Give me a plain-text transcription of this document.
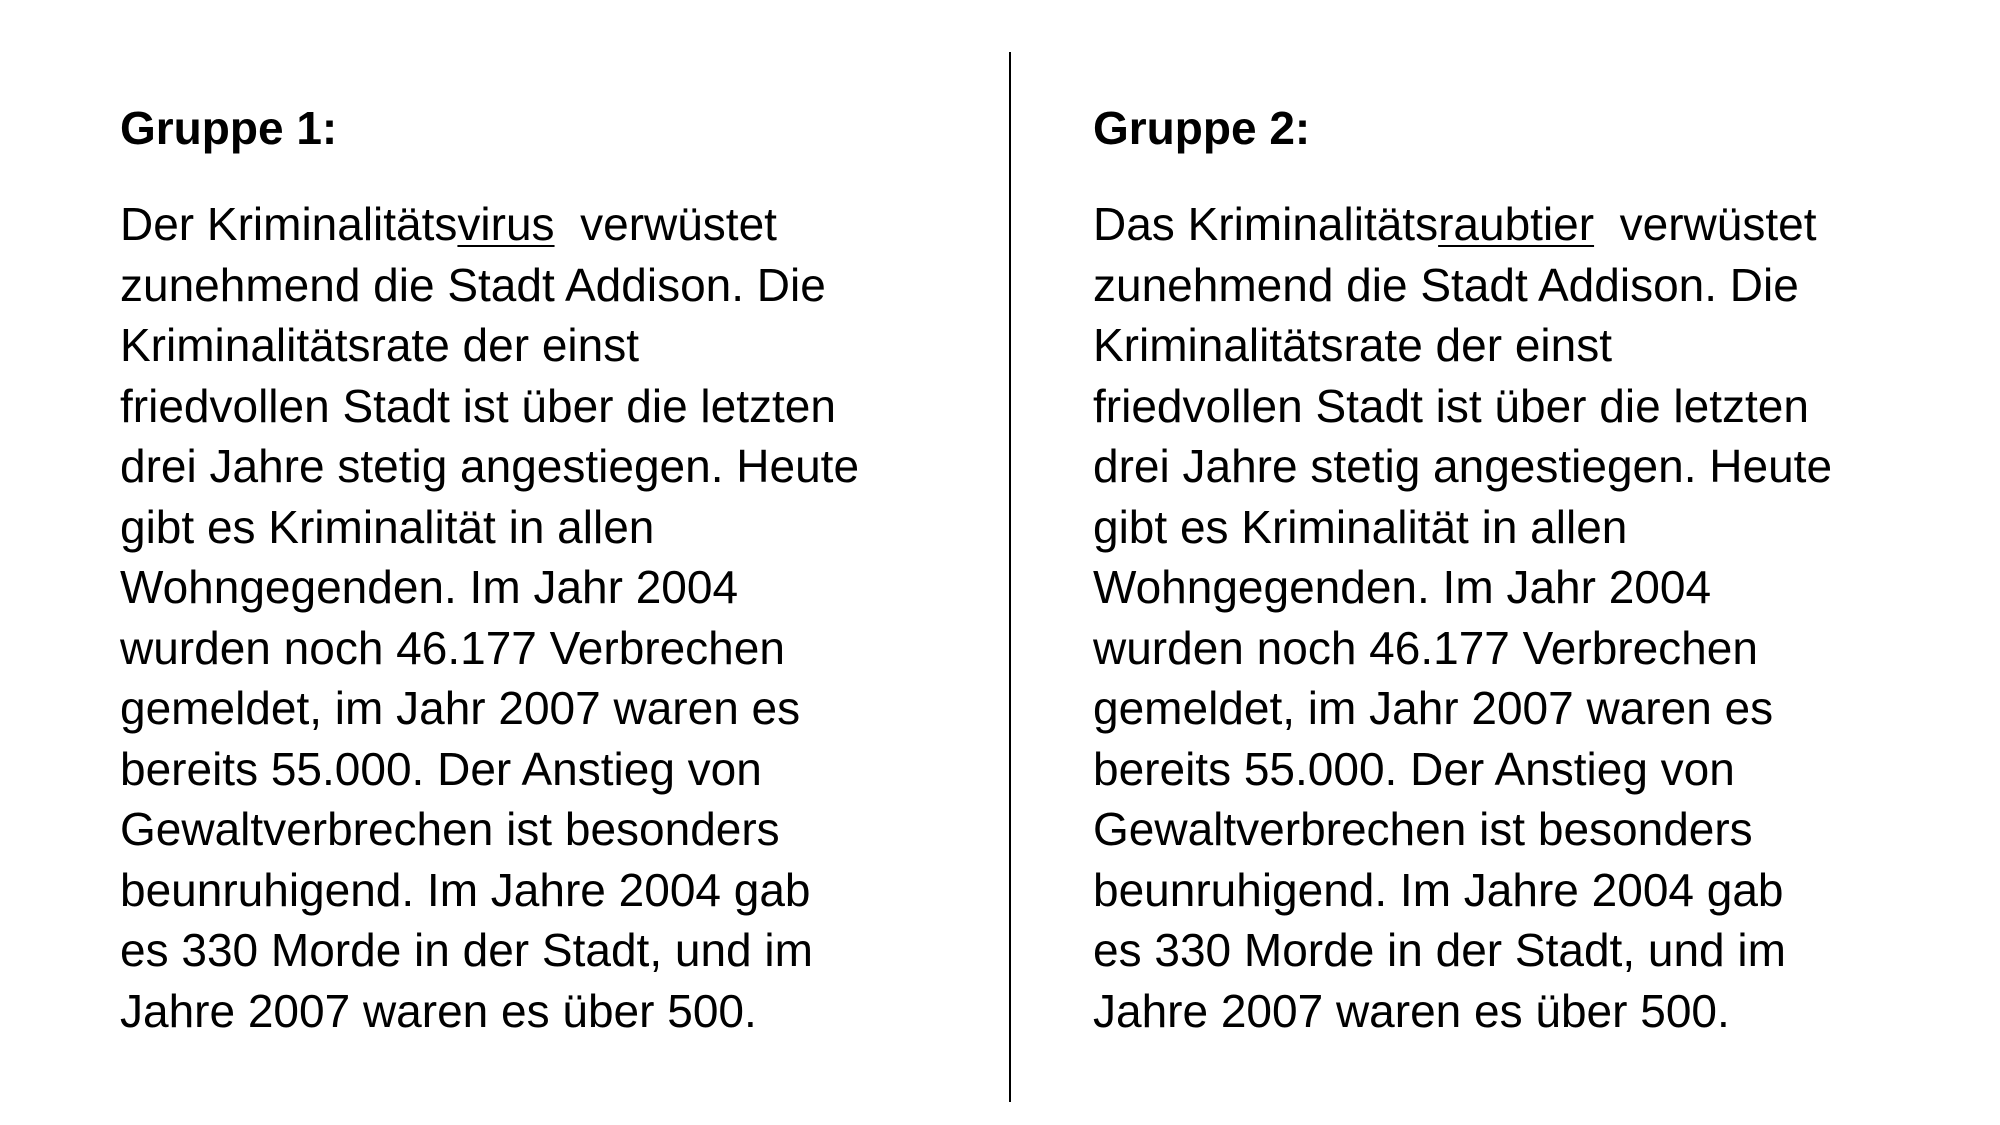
Gruppe 1:

Der Kriminalitätsvirus  verwüstet
zunehmend die Stadt Addison. Die
Kriminalitätsrate der einst
friedvollen Stadt ist über die letzten
drei Jahre stetig angestiegen. Heute
gibt es Kriminalität in allen
Wohngegenden. Im Jahr 2004
wurden noch 46.177 Verbrechen
gemeldet, im Jahr 2007 waren es
bereits 55.000. Der Anstieg von
Gewaltverbrechen ist besonders
beunruhigend. Im Jahre 2004 gab
es 330 Morde in der Stadt, und im
Jahre 2007 waren es über 500.

Gruppe 2:

Das Kriminalitätsraubtier  verwüstet
zunehmend die Stadt Addison. Die
Kriminalitätsrate der einst
friedvollen Stadt ist über die letzten
drei Jahre stetig angestiegen. Heute
gibt es Kriminalität in allen
Wohngegenden. Im Jahr 2004
wurden noch 46.177 Verbrechen
gemeldet, im Jahr 2007 waren es
bereits 55.000. Der Anstieg von
Gewaltverbrechen ist besonders
beunruhigend. Im Jahre 2004 gab
es 330 Morde in der Stadt, und im
Jahre 2007 waren es über 500.
